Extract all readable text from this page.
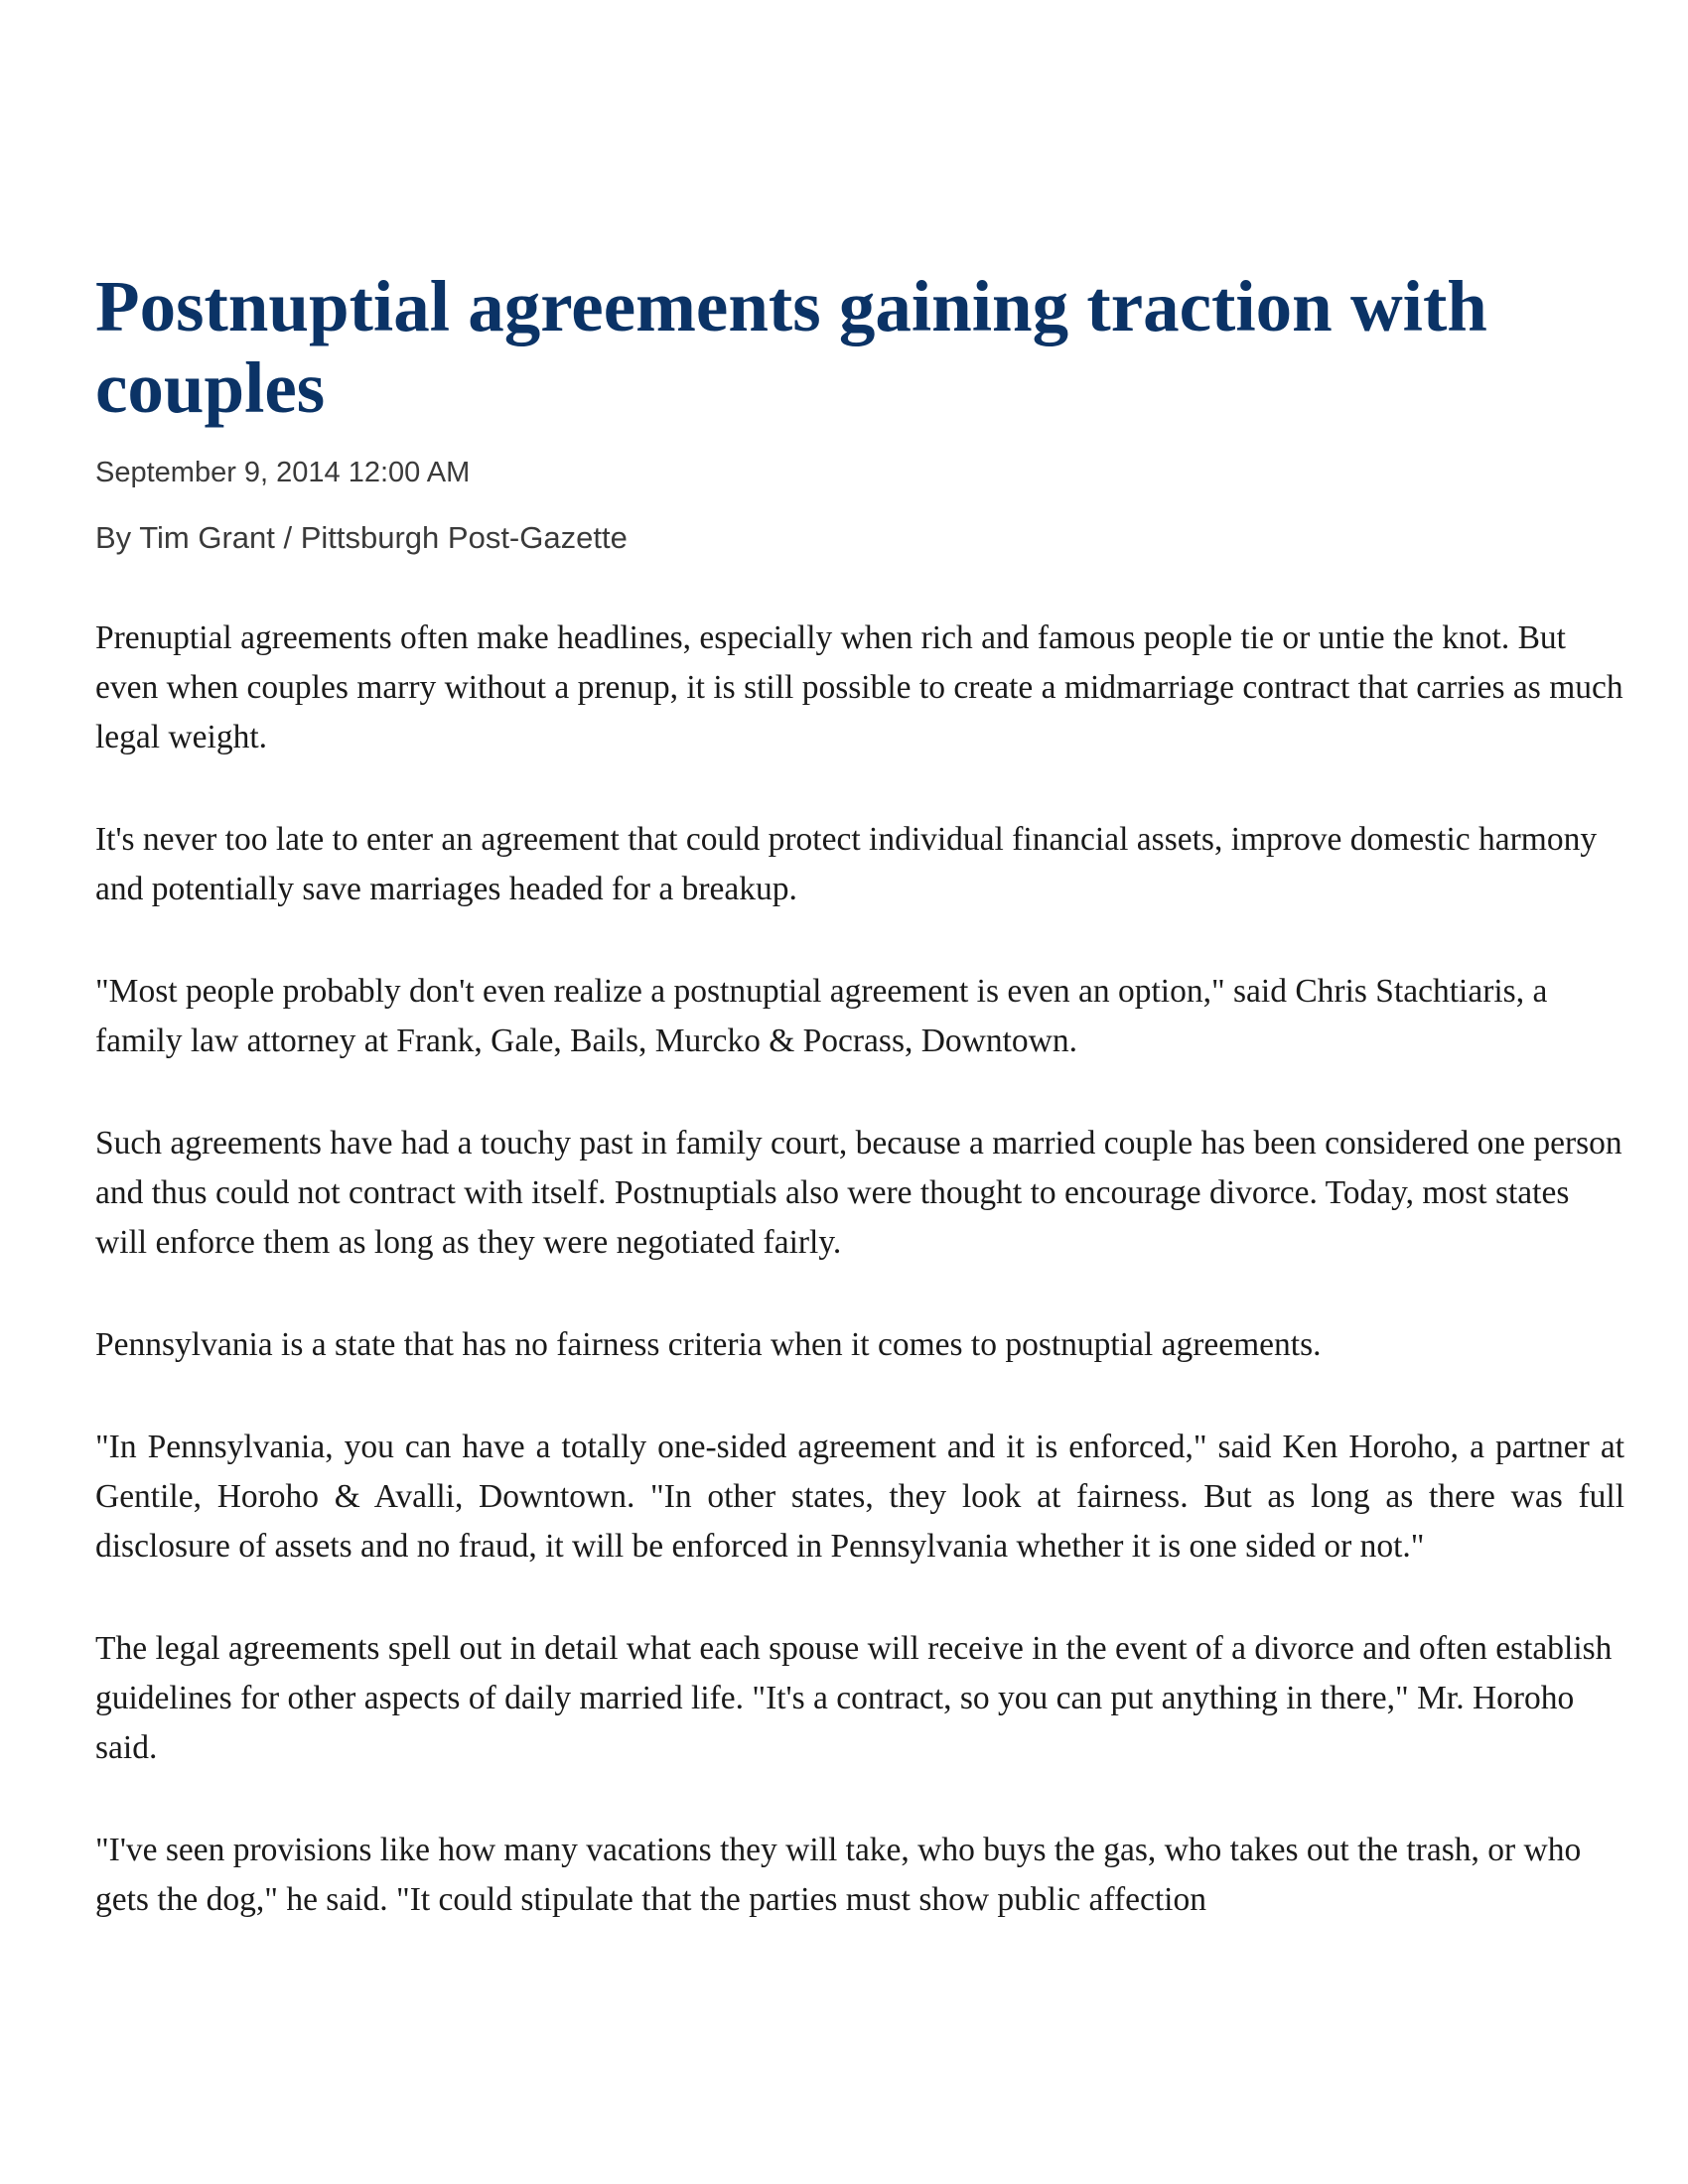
Postnuptial agreements gaining traction with couples

September 9, 2014 12:00 AM

By Tim Grant / Pittsburgh Post-Gazette

Prenuptial agreements often make headlines, especially when rich and famous people tie or untie the knot. But even when couples marry without a prenup, it is still possible to create a midmarriage contract that carries as much legal weight.

It's never too late to enter an agreement that could protect individual financial assets, improve domestic harmony and potentially save marriages headed for a breakup.

"Most people probably don't even realize a postnuptial agreement is even an option," said Chris Stachtiaris, a family law attorney at Frank, Gale, Bails, Murcko & Pocrass, Downtown.

Such agreements have had a touchy past in family court, because a married couple has been considered one person and thus could not contract with itself. Postnuptials also were thought to encourage divorce. Today, most states will enforce them as long as they were negotiated fairly.

Pennsylvania is a state that has no fairness criteria when it comes to postnuptial agreements.

"In Pennsylvania, you can have a totally one-sided agreement and it is enforced," said Ken Horoho, a partner at Gentile, Horoho & Avalli, Downtown. "In other states, they look at fairness. But as long as there was full disclosure of assets and no fraud, it will be enforced in Pennsylvania whether it is one sided or not."

The legal agreements spell out in detail what each spouse will receive in the event of a divorce and often establish guidelines for other aspects of daily married life. "It's a contract, so you can put anything in there," Mr. Horoho said.

"I've seen provisions like how many vacations they will take, who buys the gas, who takes out the trash, or who gets the dog," he said. "It could stipulate that the parties must show public affection
